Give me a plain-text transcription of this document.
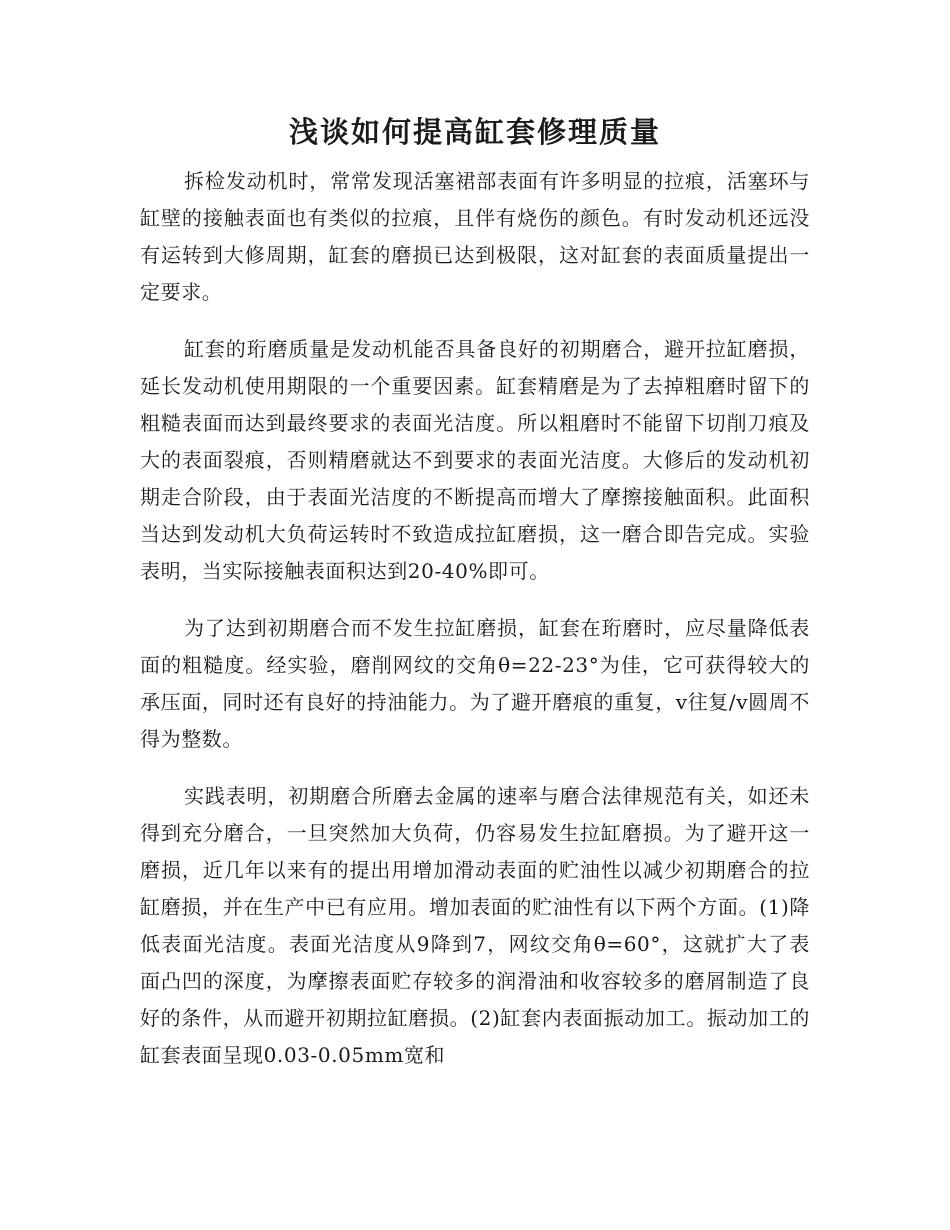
浅谈如何提高缸套修理质量

拆检发动机时，常常发现活塞裙部表面有许多明显的拉痕，活塞环与缸壁的接触表面也有类似的拉痕，且伴有烧伤的颜色。有时发动机还远没有运转到大修周期，缸套的磨损已达到极限，这对缸套的表面质量提出一定要求。

缸套的珩磨质量是发动机能否具备良好的初期磨合，避开拉缸磨损，延长发动机使用期限的一个重要因素。缸套精磨是为了去掉粗磨时留下的粗糙表面而达到最终要求的表面光洁度。所以粗磨时不能留下切削刀痕及大的表面裂痕，否则精磨就达不到要求的表面光洁度。大修后的发动机初期走合阶段，由于表面光洁度的不断提高而增大了摩擦接触面积。此面积当达到发动机大负荷运转时不致造成拉缸磨损，这一磨合即告完成。实验表明，当实际接触表面积达到20-40%即可。

为了达到初期磨合而不发生拉缸磨损，缸套在珩磨时，应尽量降低表面的粗糙度。经实验，磨削网纹的交角θ=22-23°为佳，它可获得较大的承压面，同时还有良好的持油能力。为了避开磨痕的重复，v往复/v圆周不得为整数。

实践表明，初期磨合所磨去金属的速率与磨合法律规范有关，如还未得到充分磨合，一旦突然加大负荷，仍容易发生拉缸磨损。为了避开这一磨损，近几年以来有的提出用增加滑动表面的贮油性以减少初期磨合的拉缸磨损，并在生产中已有应用。增加表面的贮油性有以下两个方面。(1)降低表面光洁度。表面光洁度从9降到7，网纹交角θ=60°，这就扩大了表面凸凹的深度，为摩擦表面贮存较多的润滑油和收容较多的磨屑制造了良好的条件，从而避开初期拉缸磨损。(2)缸套内表面振动加工。振动加工的缸套表面呈现0.03-0.05mm宽和
